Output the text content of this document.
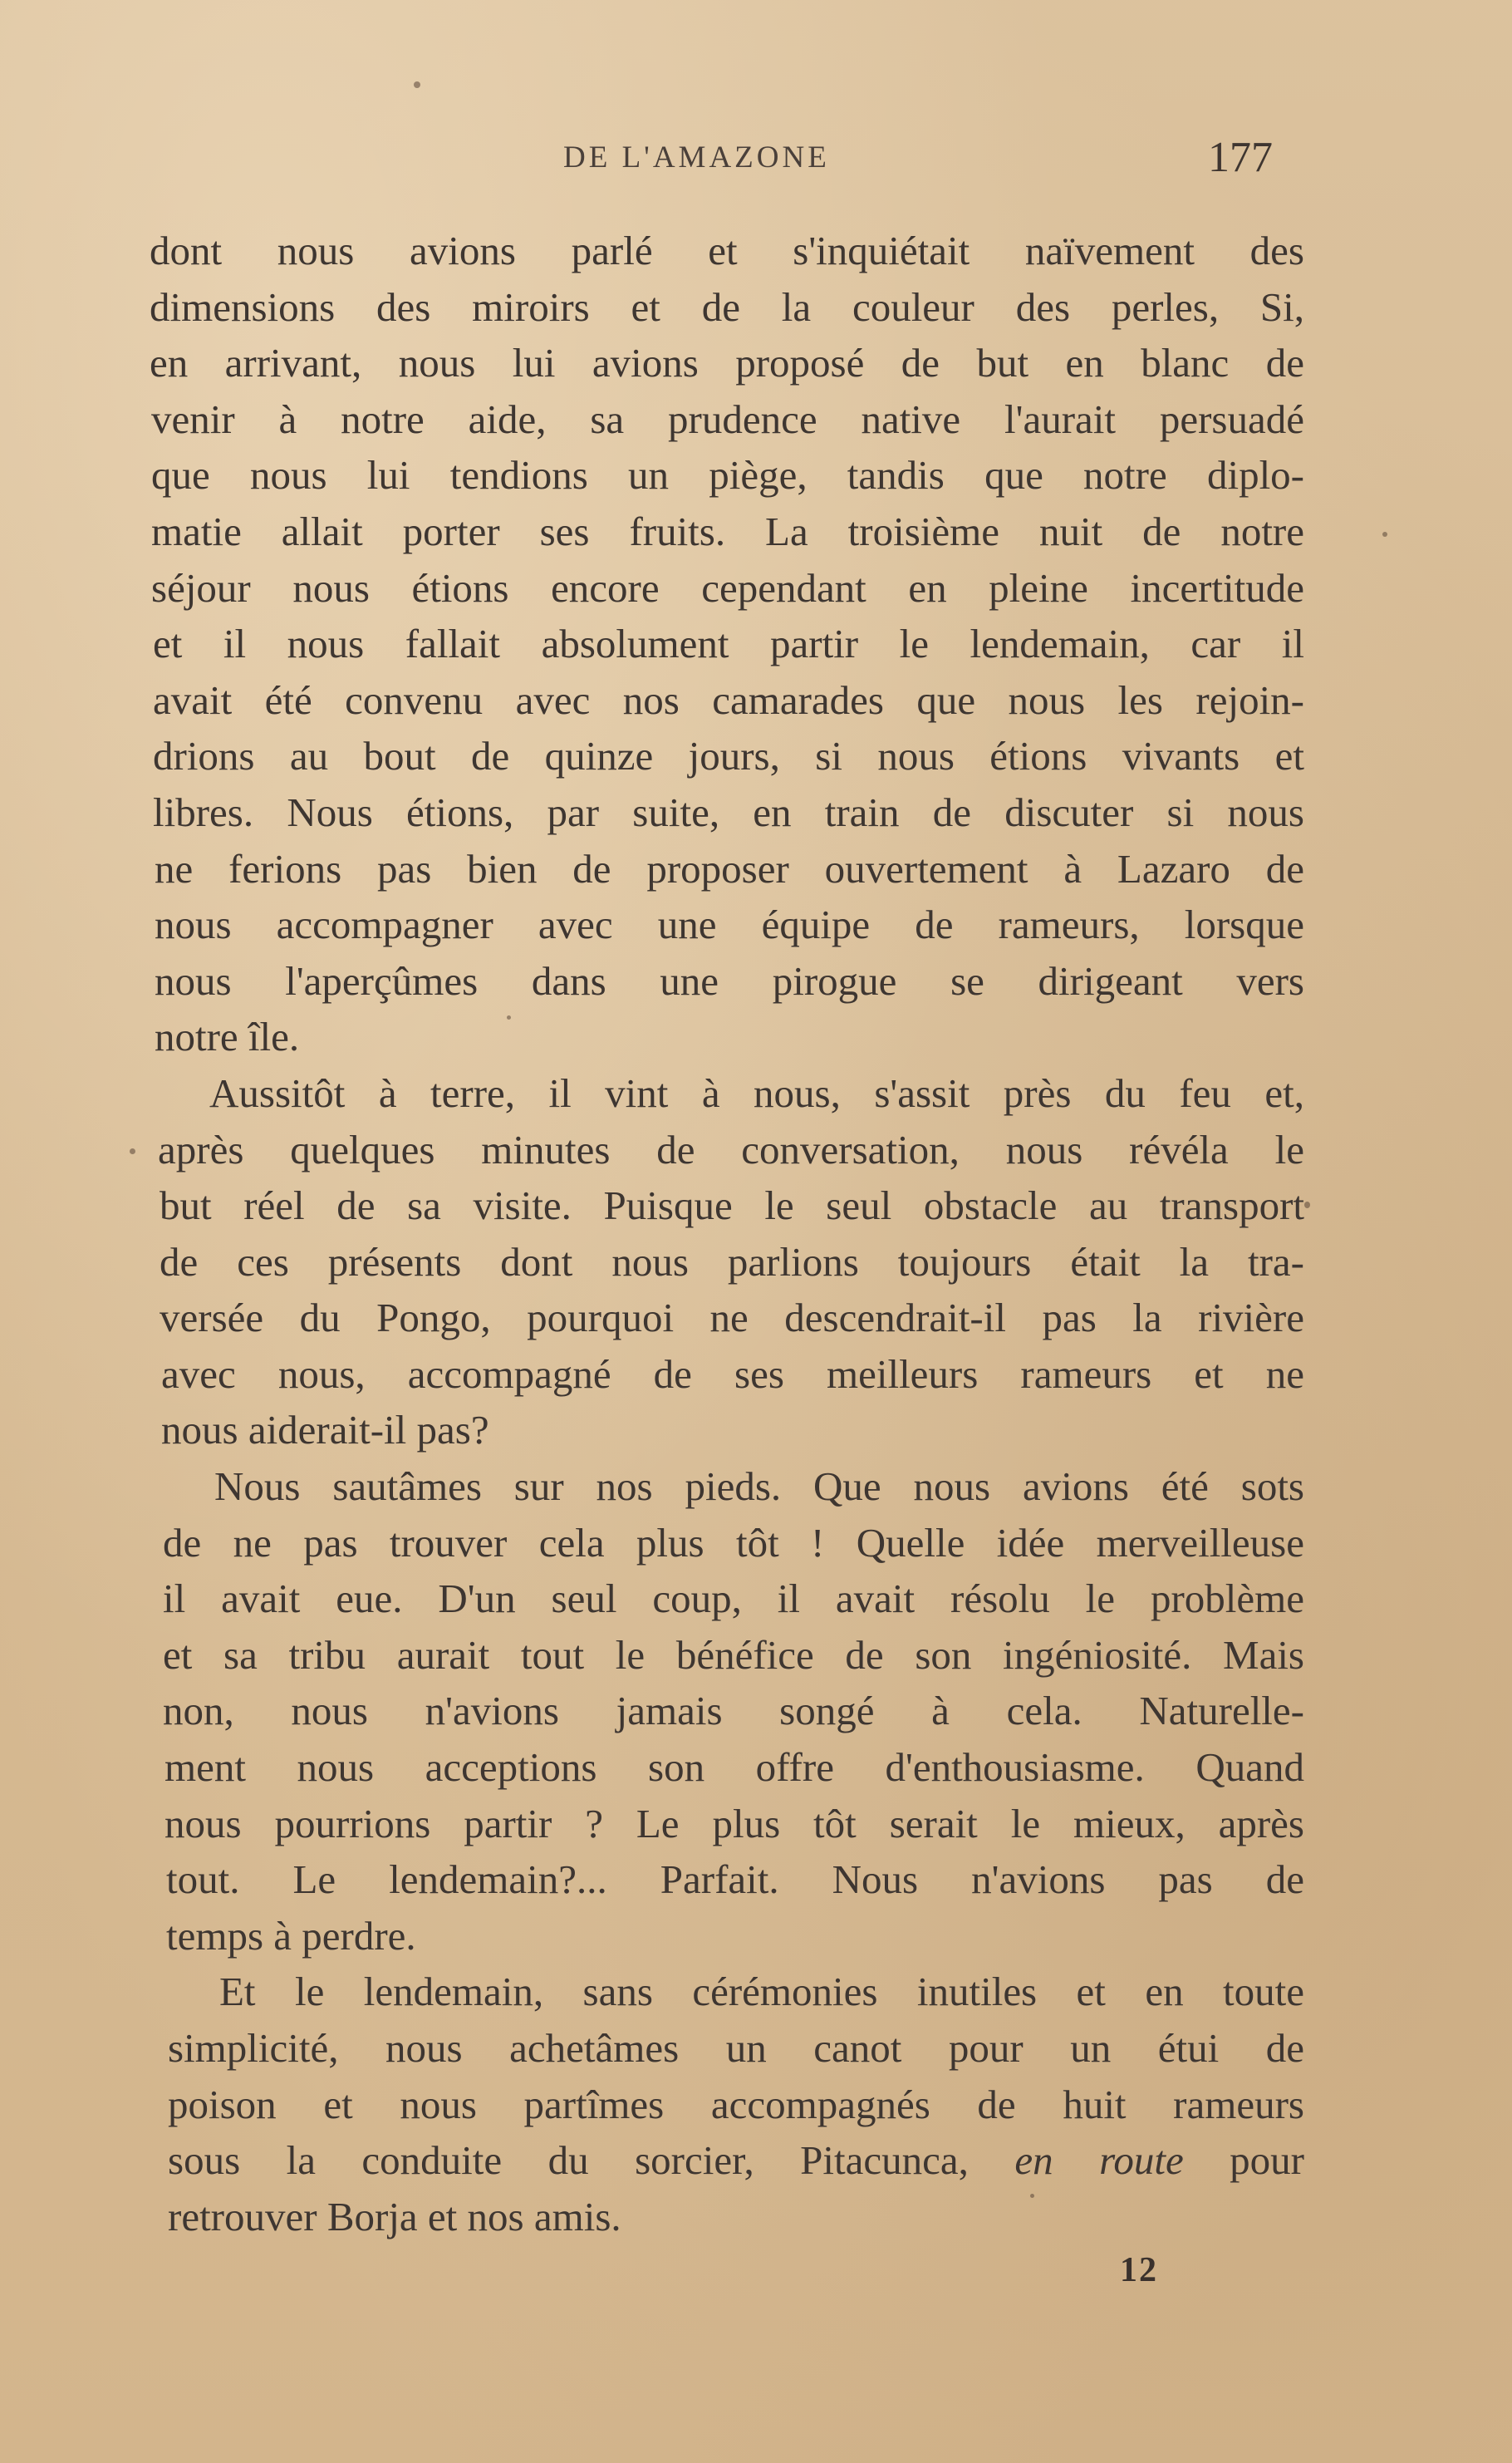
DE L'AMAZONE	177
dont nous avions parlé et s'inquiétait naïvement des
dimensions des miroirs et de la couleur des perles, Si,
en arrivant, nous lui avions proposé de but en blanc de
venir à notre aide, sa prudence native l'aurait persuadé
que nous lui tendions un piège, tandis que notre diplo-
matie allait porter ses fruits. La troisième nuit de notre
séjour nous étions encore cependant en pleine incertitude
et il nous fallait absolument partir le lendemain, car il
avait été convenu avec nos camarades que nous les rejoin-
drions au bout de quinze jours, si nous étions vivants et
libres. Nous étions, par suite, en train de discuter si nous
ne ferions pas bien de proposer ouvertement à Lazaro de
nous accompagner avec une équipe de rameurs, lorsque
nous l'aperçûmes dans une pirogue se dirigeant vers
notre île.
Aussitôt à terre, il vint à nous, s'assit près du feu et,
après quelques minutes de conversation, nous révéla le
but réel de sa visite. Puisque le seul obstacle au transport
de ces présents dont nous parlions toujours était la tra-
versée du Pongo, pourquoi ne descendrait-il pas la rivière
avec nous, accompagné de ses meilleurs rameurs et ne
nous aiderait-il pas?
Nous sautâmes sur nos pieds. Que nous avions été sots
de ne pas trouver cela plus tôt ! Quelle idée merveilleuse
il avait eue. D'un seul coup, il avait résolu le problème
et sa tribu aurait tout le bénéfice de son ingéniosité. Mais
non, nous n'avions jamais songé à cela. Naturelle-
ment nous acceptions son offre d'enthousiasme. Quand
nous pourrions partir ? Le plus tôt serait le mieux, après
tout. Le lendemain?... Parfait. Nous n'avions pas de
temps à perdre.
Et le lendemain, sans cérémonies inutiles et en toute
simplicité, nous achetâmes un canot pour un étui de
poison et nous partîmes accompagnés de huit rameurs
sous la conduite du sorcier, Pitacunca, en route pour
retrouver Borja et nos amis.
12
